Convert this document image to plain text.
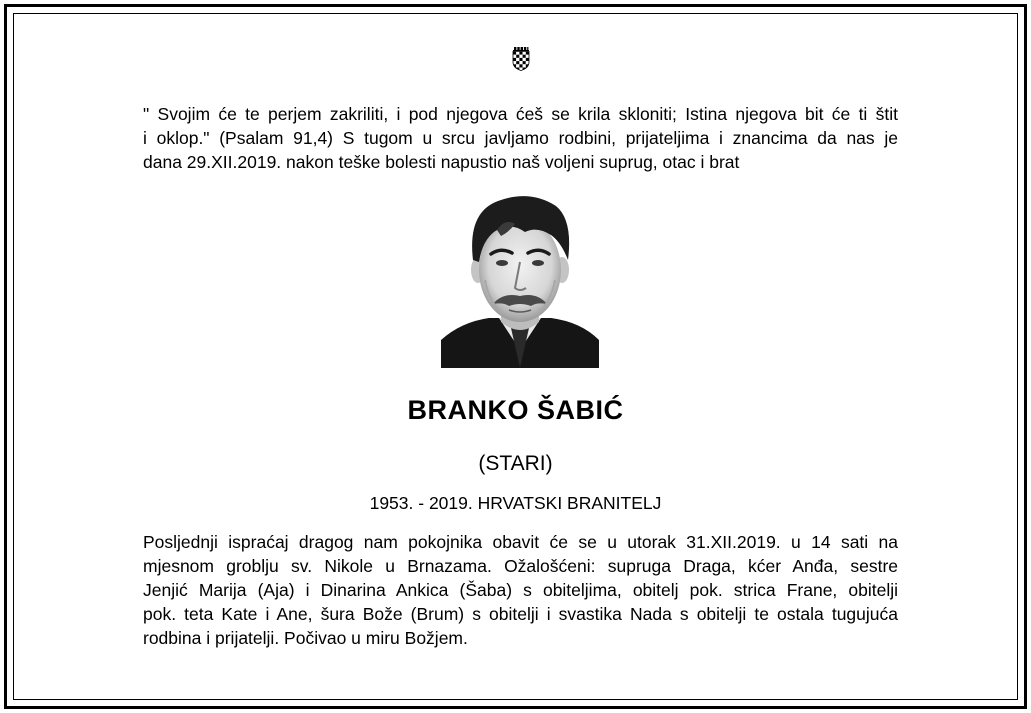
" Svojim će te perjem zakriliti, i pod njegova ćeš se krila skloniti; Istina njegova bit će ti štit
i oklop." (Psalam 91,4) S tugom u srcu javljamo rodbini, prijateljima i znancima da nas je
dana 29.XII.2019. nakon teške bolesti napustio naš voljeni suprug, otac i brat
BRANKO ŠABIĆ
(STARI)
1953. - 2019. HRVATSKI BRANITELJ
Posljednji ispraćaj dragog nam pokojnika obavit će se u utorak 31.XII.2019. u 14 sati na
mjesnom groblju sv. Nikole u Brnazama. Ožalošćeni: supruga Draga, kćer Anđa, sestre
Jenjić Marija (Aja) i Dinarina Ankica (Šaba) s obiteljima, obitelj pok. strica Frane, obitelji
pok. teta Kate i Ane, šura Bože (Brum) s obitelji i svastika Nada s obitelji te ostala tugujuća
rodbina i prijatelji. Počivao u miru Božjem.
